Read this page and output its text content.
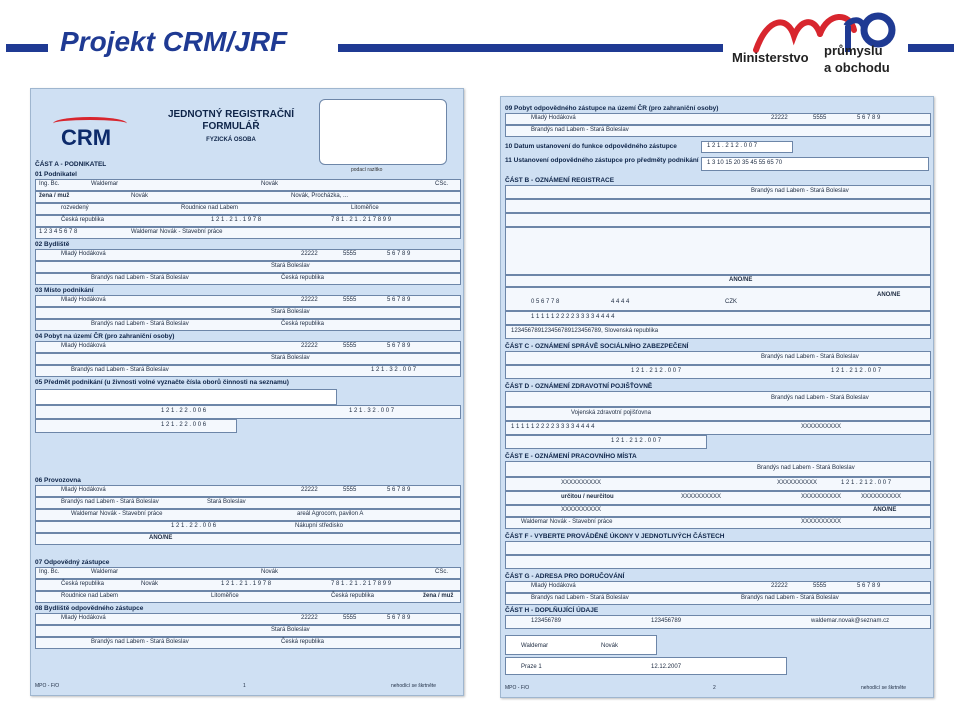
Projekt CRM/JRF
Ministerstvo průmyslu
a obchodu
CRM
JEDNOTNÝ REGISTRAČNÍ FORMULÁŘ
FYZICKÁ OSOBA
podací razítko
ČÁST A - PODNIKATEL
01 Podnikatel
Ing. Bc.	Waldemar	Novák	CSc.
žena / muž	Novák	Novák, Procházka, ...
rozvedený	Roudnice nad Labem	Litoměřice
Česká republika	1 2 1 . 2 1 . 1 9 7 8	7 8 1 . 2 1 . 2 1 7 8 9 9
1 2 3 4 5 6 7 8	Waldemar Novák - Stavební práce
02 Bydliště
Mladý Hodáková	22222	5555	5 6 7 8 9
Stará Boleslav
Brandýs nad Labem - Stará Boleslav	Česká republika
03 Místo podnikání
Mladý Hodáková	22222	5555	5 6 7 8 9
Stará Boleslav
Brandýs nad Labem - Stará Boleslav	Česká republika
04 Pobyt na území ČR (pro zahraniční osoby)
Mladý Hodáková	22222	5555	5 6 7 8 9
Stará Boleslav
Brandýs nad Labem - Stará Boleslav	1 2 1 . 3 2 . 0 0 7
05 Předmět podnikání (u živnosti volné vyznačte čísla oborů činnosti na seznamu)
1 2 1 . 2 2 . 0 0 6	1 2 1 . 3 2 . 0 0 7
1 2 1 . 2 2 . 0 0 6
06 Provozovna
Mladý Hodáková	22222	5555	5 6 7 8 9
Brandýs nad Labem - Stará Boleslav	Stará Boleslav
Waldemar Novák - Stavební práce	areál Agrocom, pavilon A
1 2 1 . 2 2 . 0 0 6	Nákupní středisko
ANO/NE
07 Odpovědný zástupce
Ing. Bc.	Waldemar	Novák	CSc.
Česká republika	Novák	1 2 1 . 2 1 . 1 9 7 8	7 8 1 . 2 1 . 2 1 7 8 9 9
Roudnice nad Labem	Litoměřice	Česká republika	žena / muž
08 Bydliště odpovědného zástupce
Mladý Hodáková	22222	5555	5 6 7 8 9
Stará Boleslav
Brandýs nad Labem - Stará Boleslav	Česká republika
MPO - F/O	1	nehodící se škrtněte
09 Pobyt odpovědného zástupce na území ČR (pro zahraniční osoby)
Mladý Hodáková	22222	5555	5 6 7 8 9
Brandýs nad Labem - Stará Boleslav
10 Datum ustanovení do funkce odpovědného zástupce	1 2 1 . 2 1 2 . 0 0 7
11 Ustanovení odpovědného zástupce pro předměty podnikání 1 3 10 15 20 35 45 55 65 70
ČÁST B - OZNÁMENÍ REGISTRACE
Brandýs nad Labem - Stará Boleslav
ANO/NE
0 5 6 7 7 8	4 4 4 4	CZK
ANO/NE
1 1 1 1 1 2 2 2 2 3 3 3 3 4 4 4 4
123456789123456789123456789, Slovenská republika
ČÁST C - OZNÁMENÍ SPRÁVĚ SOCIÁLNÍHO ZABEZPEČENÍ
Brandýs nad Labem - Stará Boleslav
1 2 1 . 2 1 2 . 0 0 7	1 2 1 . 2 1 2 . 0 0 7
ČÁST D - OZNÁMENÍ ZDRAVOTNÍ POJIŠŤOVNĚ
Brandýs nad Labem - Stará Boleslav
Vojenská zdravotní pojišťovna
1 1 1 1 1 2 2 2 2 3 3 3 3 4 4 4 4	XXXXXXXXXX
1 2 1 . 2 1 2 . 0 0 7
ČÁST E - OZNÁMENÍ PRACOVNÍHO MÍSTA
Brandýs nad Labem - Stará Boleslav
XXXXXXXXXX	XXXXXXXXXX	1 2 1 . 2 1 2 . 0 0 7
určitou / neurčitou	XXXXXXXXXX	XXXXXXXXXX	XXXXXXXXXX
XXXXXXXXXX	ANO/NE
Waldemar Novák - Stavební práce	XXXXXXXXXX
ČÁST F - VYBERTE PROVÁDĚNÉ ÚKONY V JEDNOTLIVÝCH ČÁSTECH
ČÁST G - ADRESA PRO DORUČOVÁNÍ
Mladý Hodáková	22222	5555	5 6 7 8 9
Brandýs nad Labem - Stará Boleslav	Brandýs nad Labem - Stará Boleslav
ČÁST H - DOPLŇUJÍCÍ ÚDAJE
123456789	123456789	waldemar.novak@seznam.cz
Waldemar	Novák
Praze 1	12.12.2007
MPO - F/O	2	nehodící se škrtněte
